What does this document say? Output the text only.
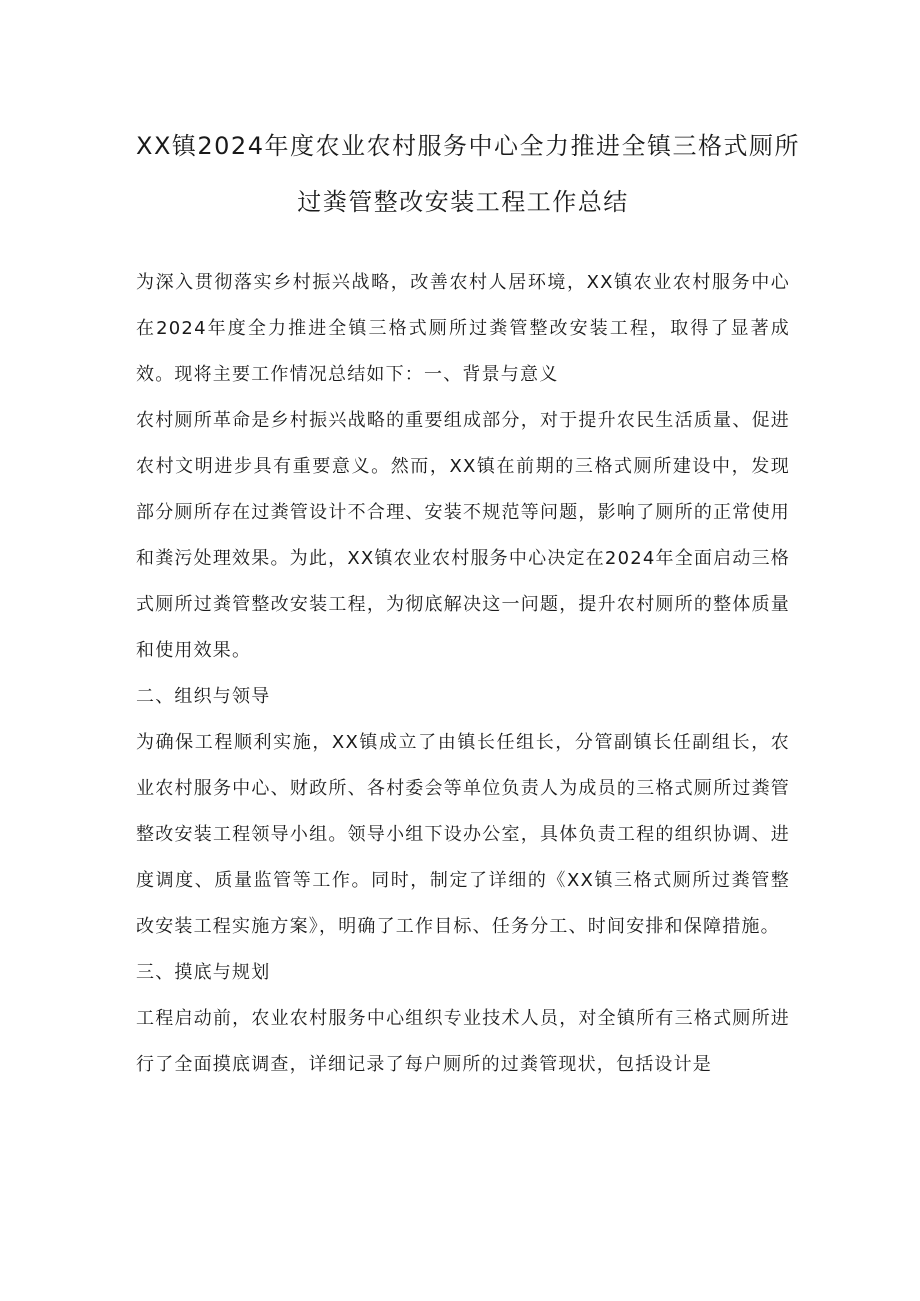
XX镇2024年度农业农村服务中心全力推进全镇三格式厕所
过粪管整改安装工程工作总结

为深入贯彻落实乡村振兴战略，改善农村人居环境，XX镇农业农村服务中心在2024年度全力推进全镇三格式厕所过粪管整改安装工程，取得了显著成效。现将主要工作情况总结如下：一、背景与意义

农村厕所革命是乡村振兴战略的重要组成部分，对于提升农民生活质量、促进农村文明进步具有重要意义。然而，XX镇在前期的三格式厕所建设中，发现部分厕所存在过粪管设计不合理、安装不规范等问题，影响了厕所的正常使用和粪污处理效果。为此，XX镇农业农村服务中心决定在2024年全面启动三格式厕所过粪管整改安装工程，为彻底解决这一问题，提升农村厕所的整体质量和使用效果。

二、组织与领导

为确保工程顺利实施，XX镇成立了由镇长任组长，分管副镇长任副组长，农业农村服务中心、财政所、各村委会等单位负责人为成员的三格式厕所过粪管整改安装工程领导小组。领导小组下设办公室，具体负责工程的组织协调、进度调度、质量监管等工作。同时，制定了详细的《XX镇三格式厕所过粪管整改安装工程实施方案》，明确了工作目标、任务分工、时间安排和保障措施。

三、摸底与规划

工程启动前，农业农村服务中心组织专业技术人员，对全镇所有三格式厕所进行了全面摸底调查，详细记录了每户厕所的过粪管现状，包括设计是
